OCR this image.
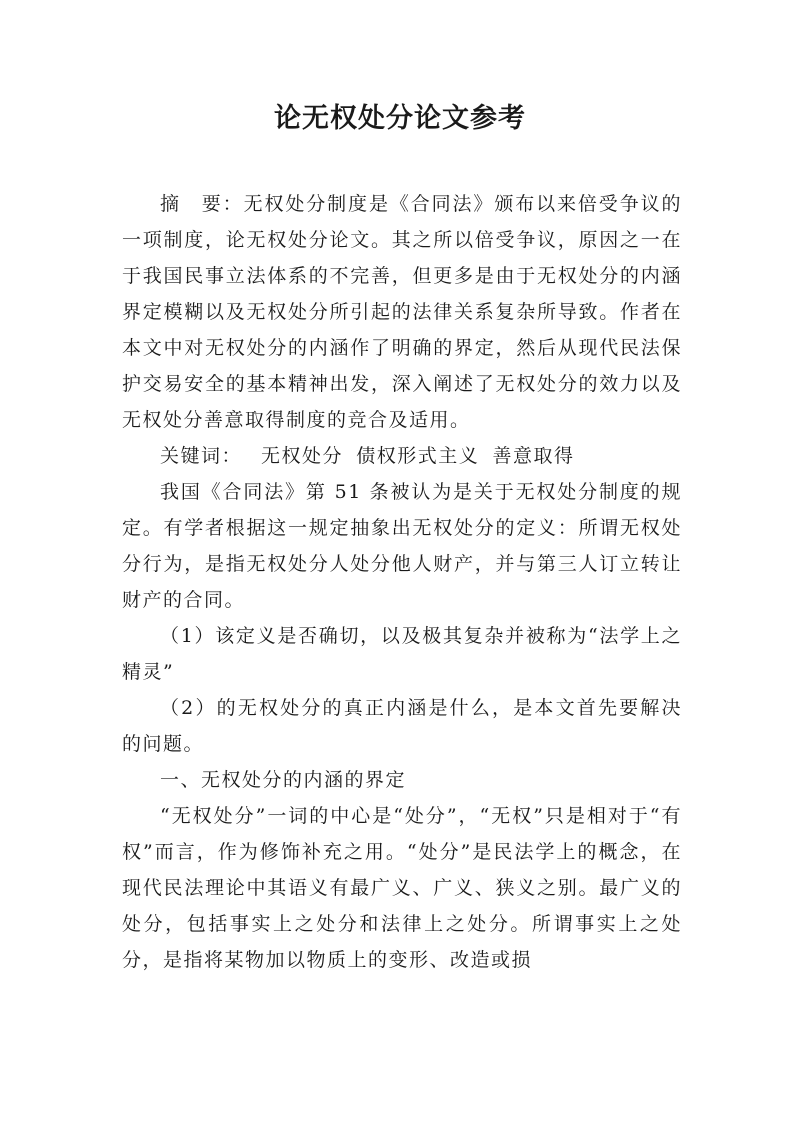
论无权处分论文参考

摘　要：无权处分制度是《合同法》颁布以来倍受争议的一项制度，论无权处分论文。其之所以倍受争议，原因之一在于我国民事立法体系的不完善，但更多是由于无权处分的内涵界定模糊以及无权处分所引起的法律关系复杂所导致。作者在本文中对无权处分的内涵作了明确的界定，然后从现代民法保护交易安全的基本精神出发，深入阐述了无权处分的效力以及无权处分善意取得制度的竞合及适用。

关键词： 无权处分 债权形式主义 善意取得

我国《合同法》第 51 条被认为是关于无权处分制度的规定。有学者根据这一规定抽象出无权处分的定义：所谓无权处分行为，是指无权处分人处分他人财产，并与第三人订立转让财产的合同。

（1）该定义是否确切，以及极其复杂并被称为“法学上之精灵”

（2）的无权处分的真正内涵是什么，是本文首先要解决的问题。

一、无权处分的内涵的界定

“无权处分”一词的中心是“处分”，“无权”只是相对于“有权”而言，作为修饰补充之用。“处分”是民法学上的概念，在现代民法理论中其语义有最广义、广义、狭义之别。最广义的处分，包括事实上之处分和法律上之处分。所谓事实上之处分，是指将某物加以物质上的变形、改造或损
